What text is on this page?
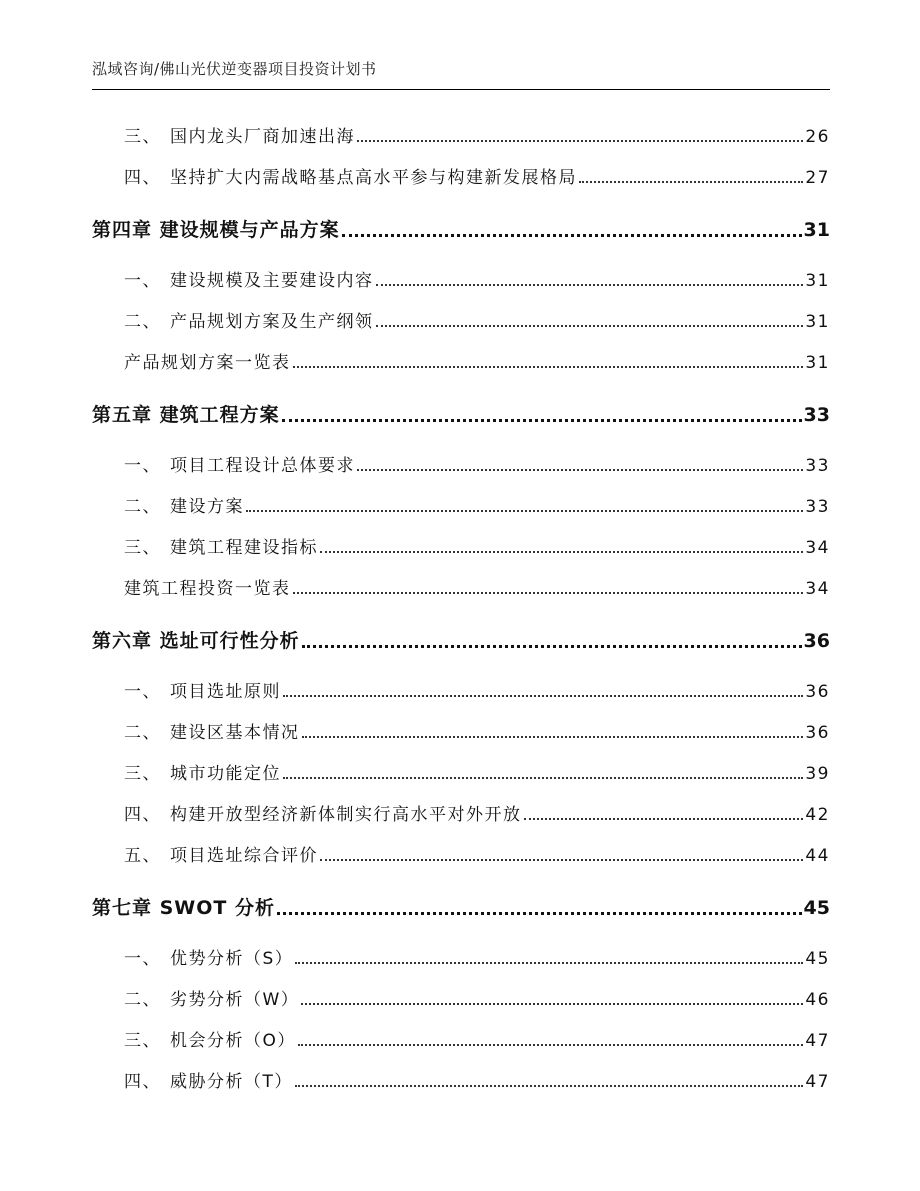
泓域咨询/佛山光伏逆变器项目投资计划书
三、 国内龙头厂商加速出海	26
四、 坚持扩大内需战略基点高水平参与构建新发展格局	27
第四章 建设规模与产品方案	31
一、 建设规模及主要建设内容	31
二、 产品规划方案及生产纲领	31
产品规划方案一览表	31
第五章 建筑工程方案	33
一、 项目工程设计总体要求	33
二、 建设方案	33
三、 建筑工程建设指标	34
建筑工程投资一览表	34
第六章 选址可行性分析	36
一、 项目选址原则	36
二、 建设区基本情况	36
三、 城市功能定位	39
四、 构建开放型经济新体制实行高水平对外开放	42
五、 项目选址综合评价	44
第七章 SWOT 分析	45
一、 优势分析（S）	45
二、 劣势分析（W）	46
三、 机会分析（O）	47
四、 威胁分析（T）	47
